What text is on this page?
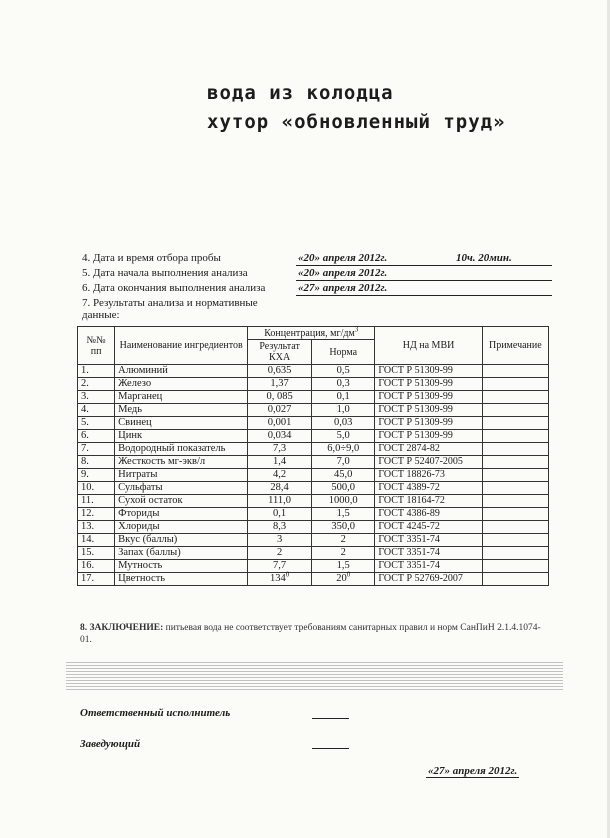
вода из колодца
хутор «обновленный труд»
4. Дата и время отбора пробы	«20» апреля 2012г.	10ч. 20мин.
5. Дата начала выполнения анализа	«20» апреля 2012г.
6. Дата окончания выполнения анализа	«27» апреля 2012г.
7. Результаты анализа и нормативные данные:
№№ пп	Наименование ингредиентов	Концентрация, $мг/дм^3$		НД на МВИ	Примечание
		Результат КХА	Норма		
1.	Алюминий	0,635	0,5	ГОСТ Р 51309-99	
2.	Железо	1,37	0,3	ГОСТ Р 51309-99	
3.	Марганец	0, 085	0,1	ГОСТ Р 51309-99	
4.	Медь	0,027	1,0	ГОСТ Р 51309-99	
5.	Свинец	0,001	0,03	ГОСТ Р 51309-99	
6.	Цинк	0,034	5,0	ГОСТ Р 51309-99	
7.	Водородный показатель	7,3	6,0÷9,0	ГОСТ 2874-82	
8.	Жесткость мг-экв/л	1,4	7,0	ГОСТ Р 52407-2005	
9.	Нитраты	4,2	45,0	ГОСТ 18826-73	
10.	Сульфаты	28,4	500,0	ГОСТ 4389-72	
11.	Сухой остаток	111,0	1000,0	ГОСТ 18164-72	
12.	Фториды	0,1	1,5	ГОСТ 4386-89	
13.	Хлориды	8,3	350,0	ГОСТ 4245-72	
14.	Вкус (баллы)	3	2	ГОСТ 3351-74	
15.	Запах (баллы)	2	2	ГОСТ 3351-74	
16.	Мутность	7,7	1,5	ГОСТ 3351-74	
17.	Цветность	$134^0$	$20^0$	ГОСТ Р 52769-2007	
8. ЗАКЛЮЧЕНИЕ: питьевая вода не соответствует требованиям санитарных правил и норм СанПиН 2.1.4.1074-01.
Ответственный исполнитель
Заведующий
«27» апреля 2012г.
